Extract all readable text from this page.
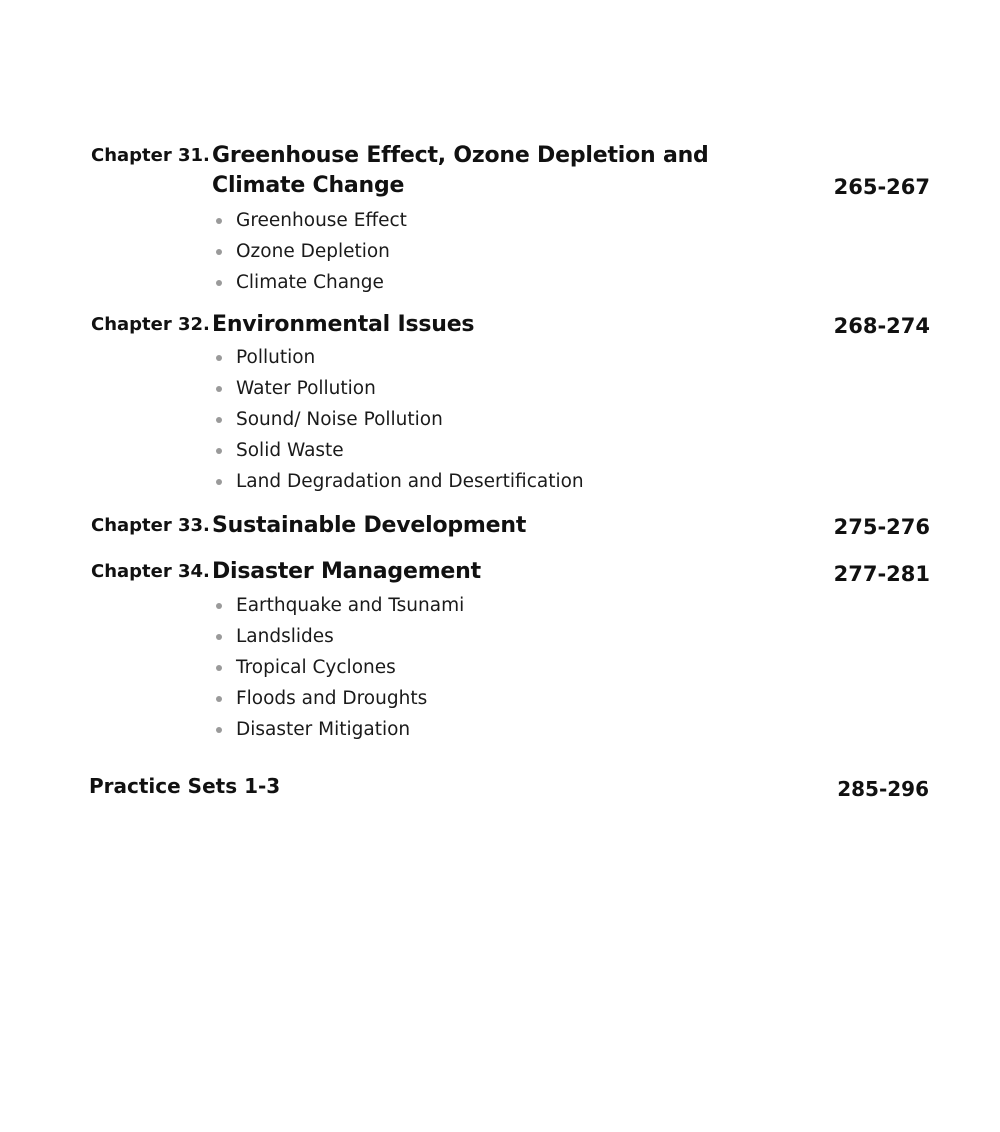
Chapter 31. Greenhouse Effect, Ozone Depletion and Climate Change	265-267
Greenhouse Effect
Ozone Depletion
Climate Change
Chapter 32. Environmental Issues	268-274
Pollution
Water Pollution
Sound/ Noise Pollution
Solid Waste
Land Degradation and Desertification
Chapter 33. Sustainable Development	275-276
Chapter 34. Disaster Management	277-281
Earthquake and Tsunami
Landslides
Tropical Cyclones
Floods and Droughts
Disaster Mitigation
Practice Sets 1-3	285-296
